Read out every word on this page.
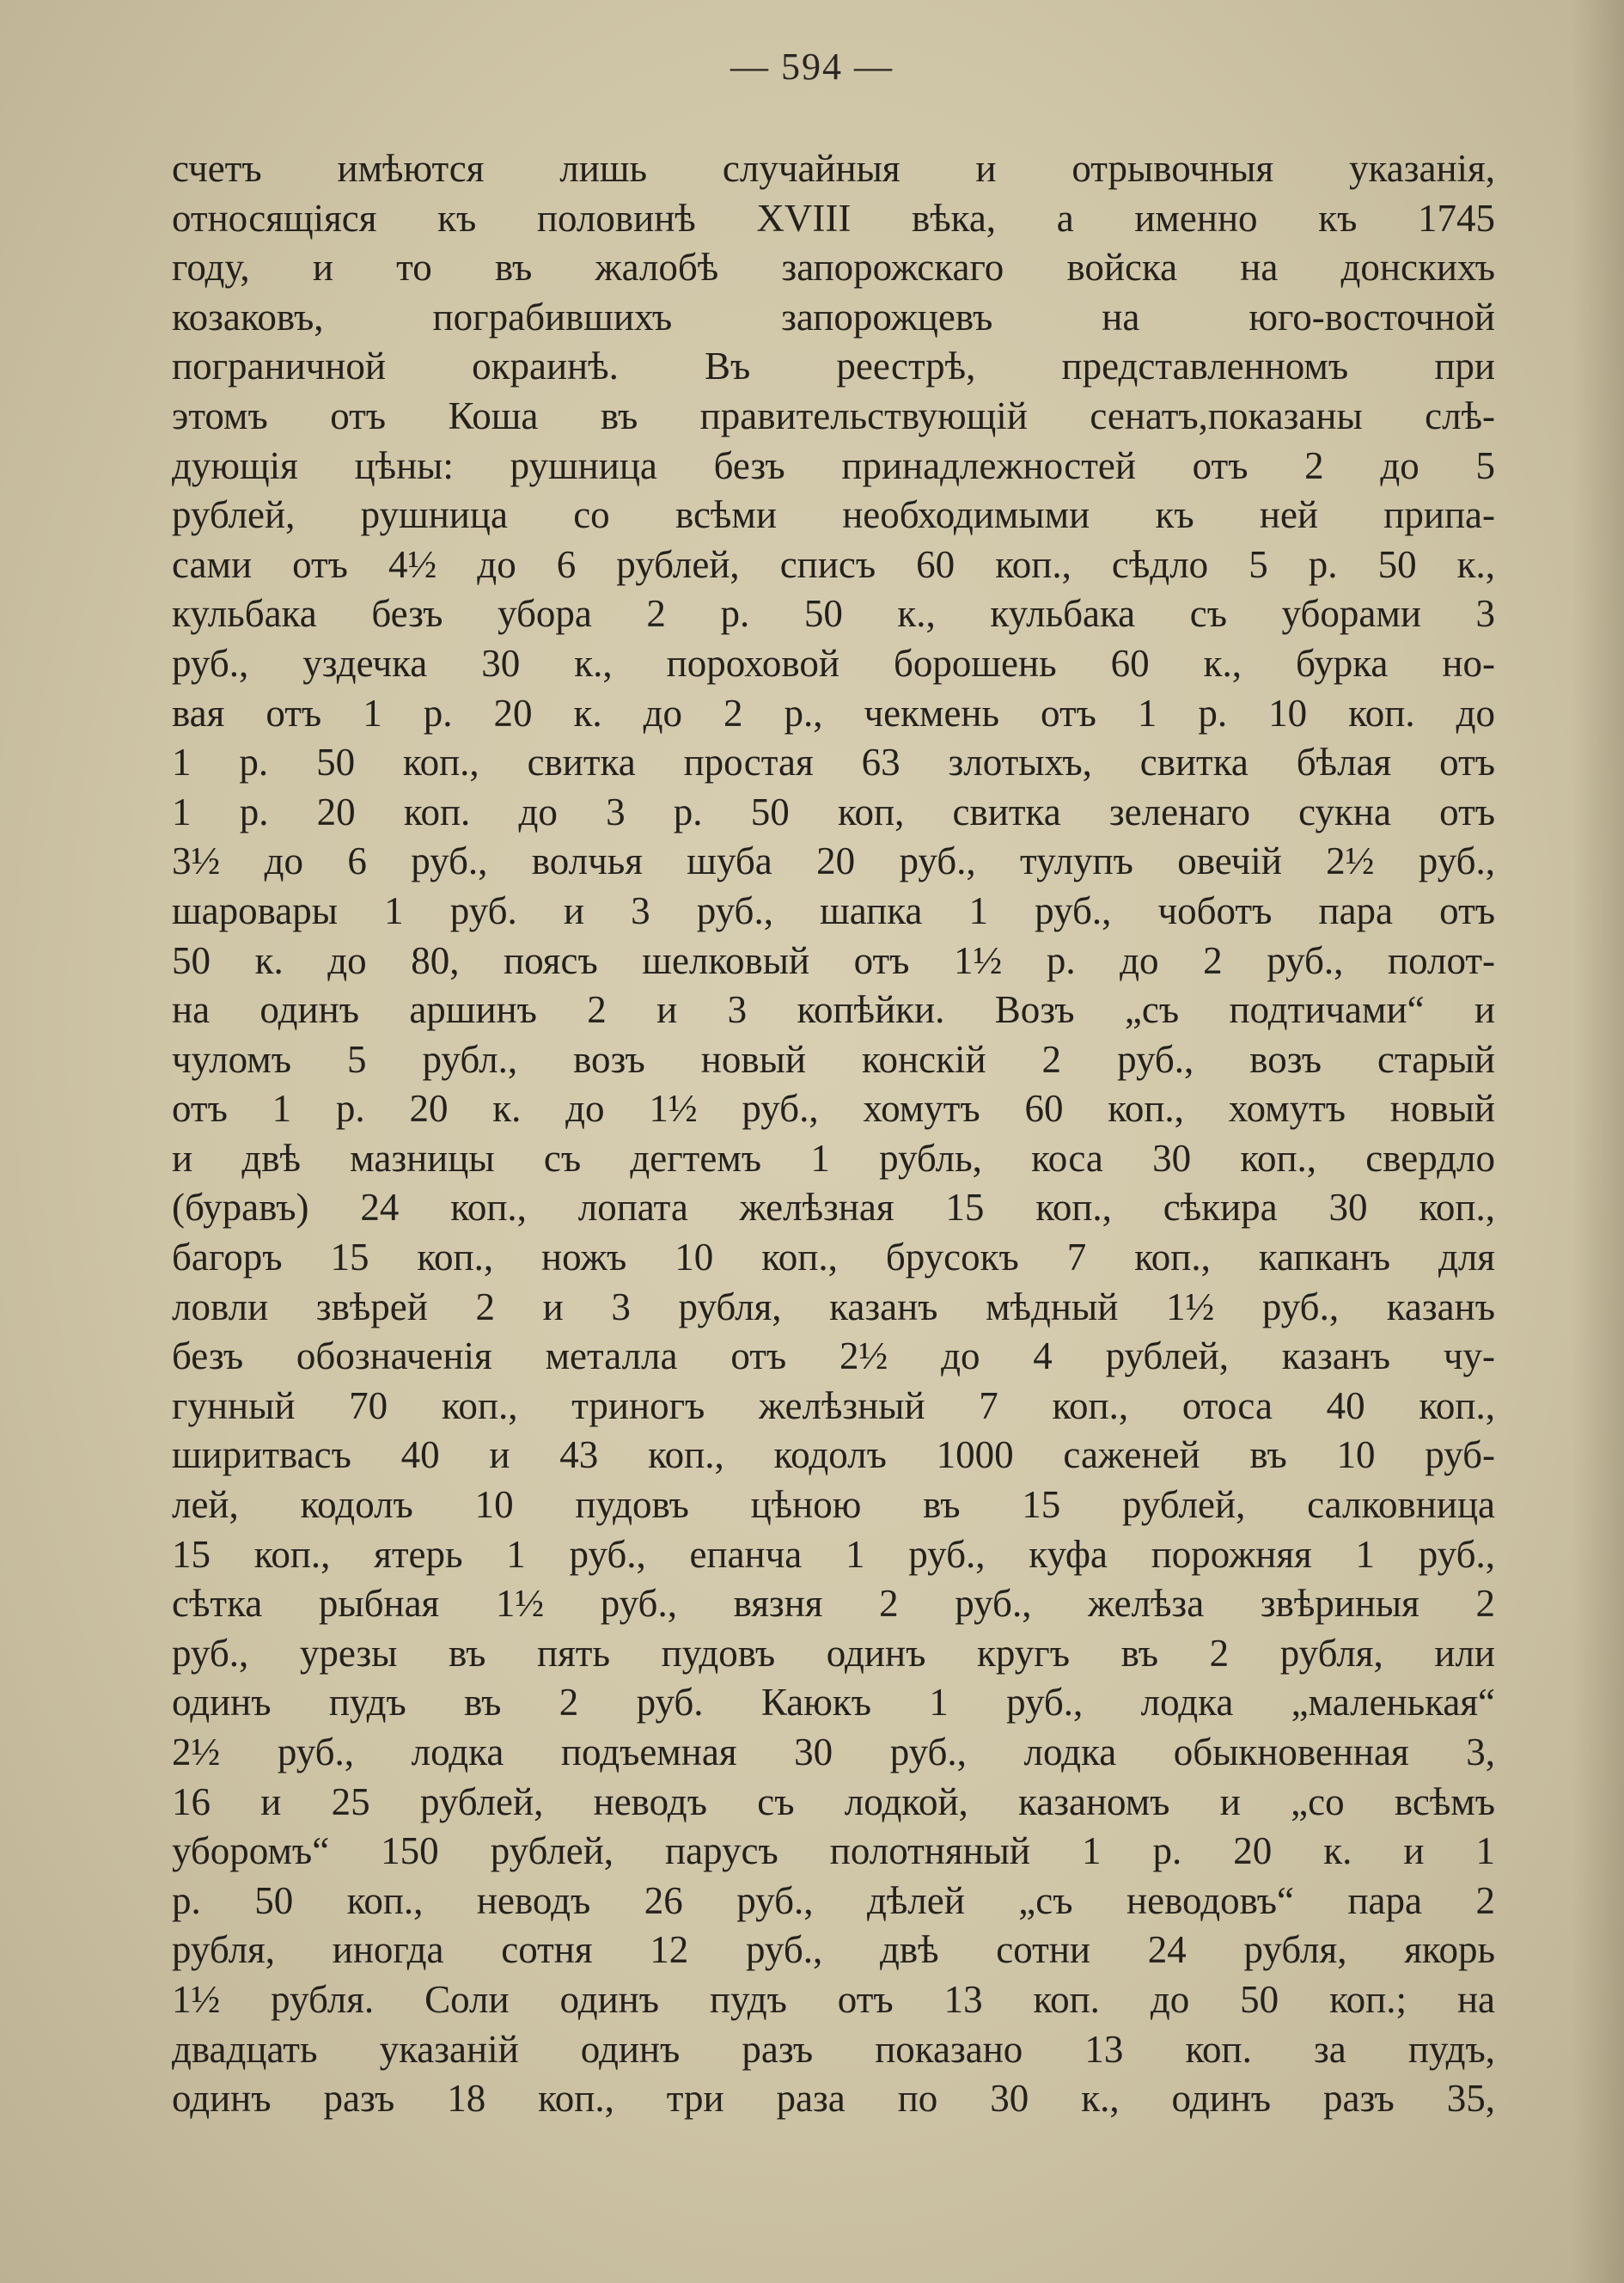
— 594 —
счетъ имѣются лишь случайныя и отрывочныя указанія,
относящіяся къ половинѣ XVIII вѣка, а именно къ 1745
году, и то въ жалобѣ запорожскаго войска на донскихъ
козаковъ, пограбившихъ запорожцевъ на юго-восточной
пограничной окраинѣ. Въ реестрѣ, представленномъ при
этомъ отъ Коша въ правительствующій сенатъ,показаны слѣ-
дующія цѣны: рушница безъ принадлежностей отъ 2 до 5
рублей, рушница со всѣми необходимыми къ ней припа-
сами отъ 4½ до 6 рублей, списъ 60 коп., сѣдло 5 р. 50 к.,
кульбака безъ убора 2 р. 50 к., кульбака съ уборами 3
руб., уздечка 30 к., пороховой борошень 60 к., бурка но-
вая отъ 1 р. 20 к. до 2 р., чекмень отъ 1 р. 10 коп. до
1 р. 50 коп., свитка простая 63 злотыхъ, свитка бѣлая отъ
1 р. 20 коп. до 3 р. 50 коп, свитка зеленаго сукна отъ
3½ до 6 руб., волчья шуба 20 руб., тулупъ овечій 2½ руб.,
шаровары 1 руб. и 3 руб., шапка 1 руб., чоботъ пара отъ
50 к. до 80, поясъ шелковый отъ 1½ р. до 2 руб., полот-
на одинъ аршинъ 2 и 3 копѣйки. Возъ „съ подтичами“ и
чуломъ 5 рубл., возъ новый конскій 2 руб., возъ старый
отъ 1 р. 20 к. до 1½ руб., хомутъ 60 коп., хомутъ новый
и двѣ мазницы съ дегтемъ 1 рубль, коса 30 коп., свердло
(буравъ) 24 коп., лопата желѣзная 15 коп., сѣкира 30 коп.,
багоръ 15 коп., ножъ 10 коп., брусокъ 7 коп., капканъ для
ловли звѣрей 2 и 3 рубля, казанъ мѣдный 1½ руб., казанъ
безъ обозначенія металла отъ 2½ до 4 рублей, казанъ чу-
гунный 70 коп., триногъ желѣзный 7 коп., отоса 40 коп.,
ширитвасъ 40 и 43 коп., кодолъ 1000 саженей въ 10 руб-
лей, кодолъ 10 пудовъ цѣною въ 15 рублей, салковница
15 коп., ятерь 1 руб., епанча 1 руб., куфа порожняя 1 руб.,
сѣтка рыбная 1½ руб., вязня 2 руб., желѣза звѣриныя 2
руб., урезы въ пять пудовъ одинъ кругъ въ 2 рубля, или
одинъ пудъ въ 2 руб. Каюкъ 1 руб., лодка „маленькая“
2½ руб., лодка подъемная 30 руб., лодка обыкновенная 3,
16 и 25 рублей, неводъ съ лодкой, казаномъ и „со всѣмъ
уборомъ“ 150 рублей, парусъ полотняный 1 р. 20 к. и 1
р. 50 коп., неводъ 26 руб., дѣлей „съ неводовъ“ пара 2
рубля, иногда сотня 12 руб., двѣ сотни 24 рубля, якорь
1½ рубля. Соли одинъ пудъ отъ 13 коп. до 50 коп.; на
двадцать указаній одинъ разъ показано 13 коп. за пудъ,
одинъ разъ 18 коп., три раза по 30 к., одинъ разъ 35,
